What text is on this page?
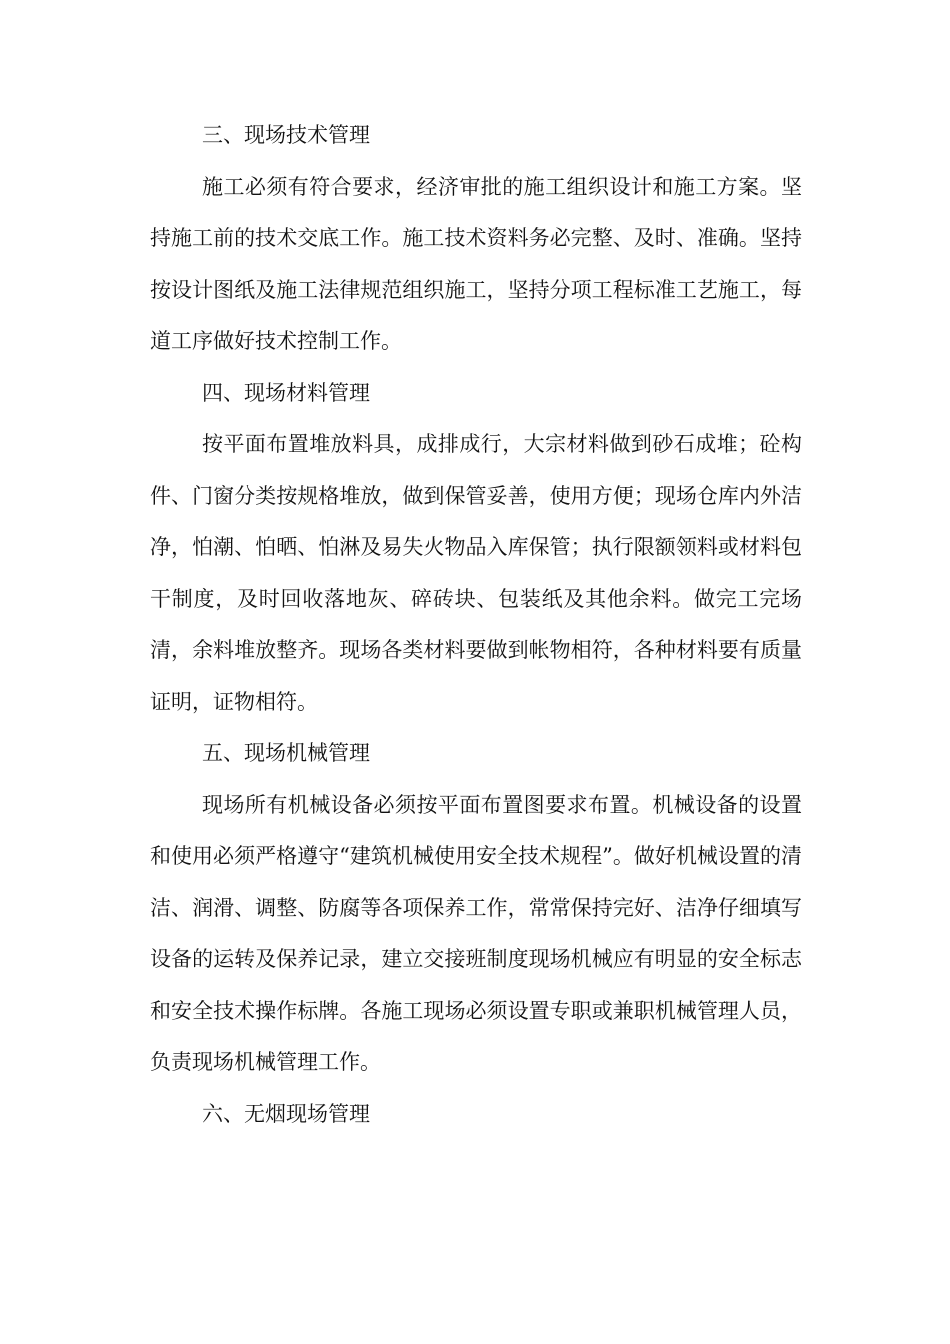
三、现场技术管理

施工必须有符合要求，经济审批的施工组织设计和施工方案。坚持施工前的技术交底工作。施工技术资料务必完整、及时、准确。坚持按设计图纸及施工法律规范组织施工，坚持分项工程标准工艺施工，每道工序做好技术控制工作。

四、现场材料管理

按平面布置堆放料具，成排成行，大宗材料做到砂石成堆；砼构件、门窗分类按规格堆放，做到保管妥善，使用方便；现场仓库内外洁净，怕潮、怕晒、怕淋及易失火物品入库保管；执行限额领料或材料包干制度，及时回收落地灰、碎砖块、包装纸及其他余料。做完工完场清，余料堆放整齐。现场各类材料要做到帐物相符，各种材料要有质量证明，证物相符。

五、现场机械管理

现场所有机械设备必须按平面布置图要求布置。机械设备的设置和使用必须严格遵守“建筑机械使用安全技术规程”。做好机械设置的清洁、润滑、调整、防腐等各项保养工作，常常保持完好、洁净仔细填写设备的运转及保养记录，建立交接班制度现场机械应有明显的安全标志和安全技术操作标牌。各施工现场必须设置专职或兼职机械管理人员，负责现场机械管理工作。

六、无烟现场管理
